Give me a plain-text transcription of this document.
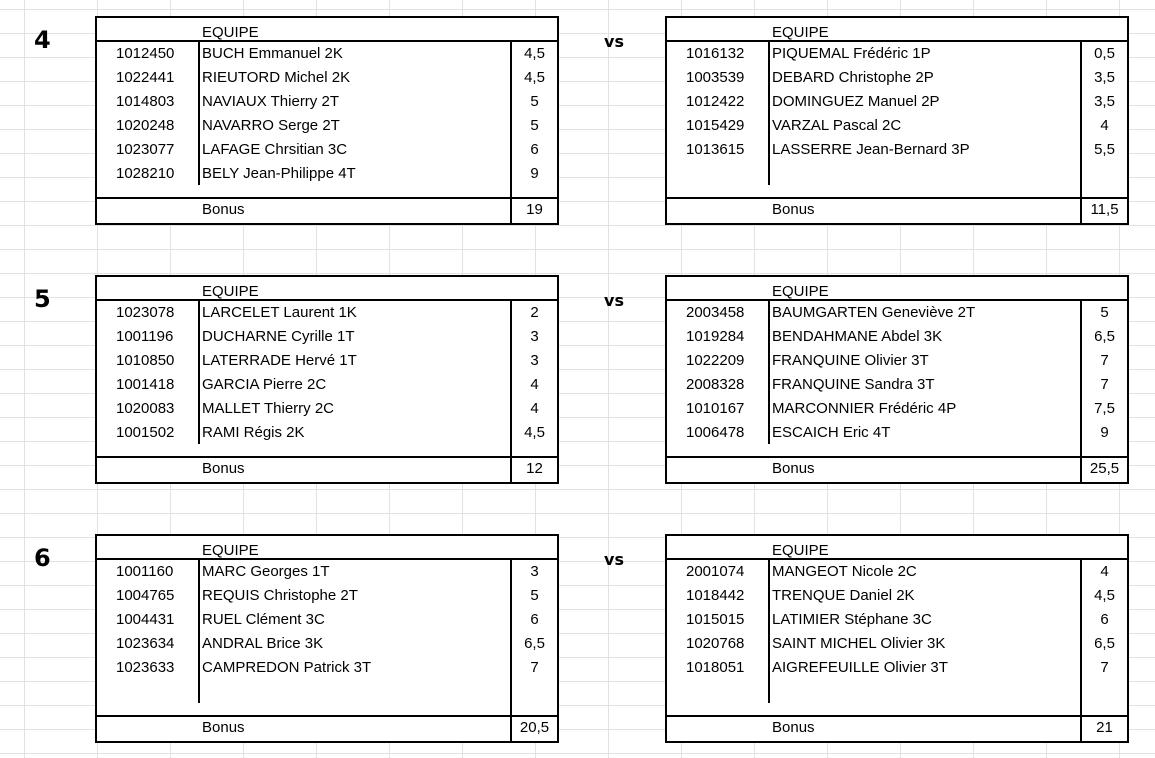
4	vs
EQUIPE
1012450 BUCH Emmanuel 2K	4,5
1022441 RIEUTORD Michel 2K	4,5
1014803 NAVIAUX Thierry 2T	5
1020248 NAVARRO Serge 2T	5
1023077 LAFAGE Chrsitian 3C	6
1028210 BELY Jean-Philippe 4T	9
Bonus	19
EQUIPE
1016132 PIQUEMAL Frédéric 1P	0,5
1003539 DEBARD Christophe 2P	3,5
1012422 DOMINGUEZ Manuel 2P	3,5
1015429 VARZAL Pascal 2C	4
1013615 LASSERRE Jean-Bernard 3P	5,5
Bonus	11,5
5	vs
EQUIPE
1023078 LARCELET Laurent 1K	2
1001196 DUCHARNE Cyrille 1T	3
1010850 LATERRADE Hervé 1T	3
1001418 GARCIA Pierre 2C	4
1020083 MALLET Thierry 2C	4
1001502 RAMI Régis 2K	4,5
Bonus	12
EQUIPE
2003458 BAUMGARTEN Geneviève 2T	5
1019284 BENDAHMANE Abdel 3K	6,5
1022209 FRANQUINE Olivier 3T	7
2008328 FRANQUINE Sandra 3T	7
1010167 MARCONNIER Frédéric 4P	7,5
1006478 ESCAICH Eric 4T	9
Bonus	25,5
6	vs
EQUIPE
1001160 MARC Georges 1T	3
1004765 REQUIS Christophe 2T	5
1004431 RUEL Clément 3C	6
1023634 ANDRAL Brice 3K	6,5
1023633 CAMPREDON Patrick 3T	7
Bonus	20,5
EQUIPE
2001074 MANGEOT Nicole 2C	4
1018442 TRENQUE Daniel 2K	4,5
1015015 LATIMIER Stéphane 3C	6
1020768 SAINT MICHEL Olivier 3K	6,5
1018051 AIGREFEUILLE Olivier 3T	7
Bonus	21
